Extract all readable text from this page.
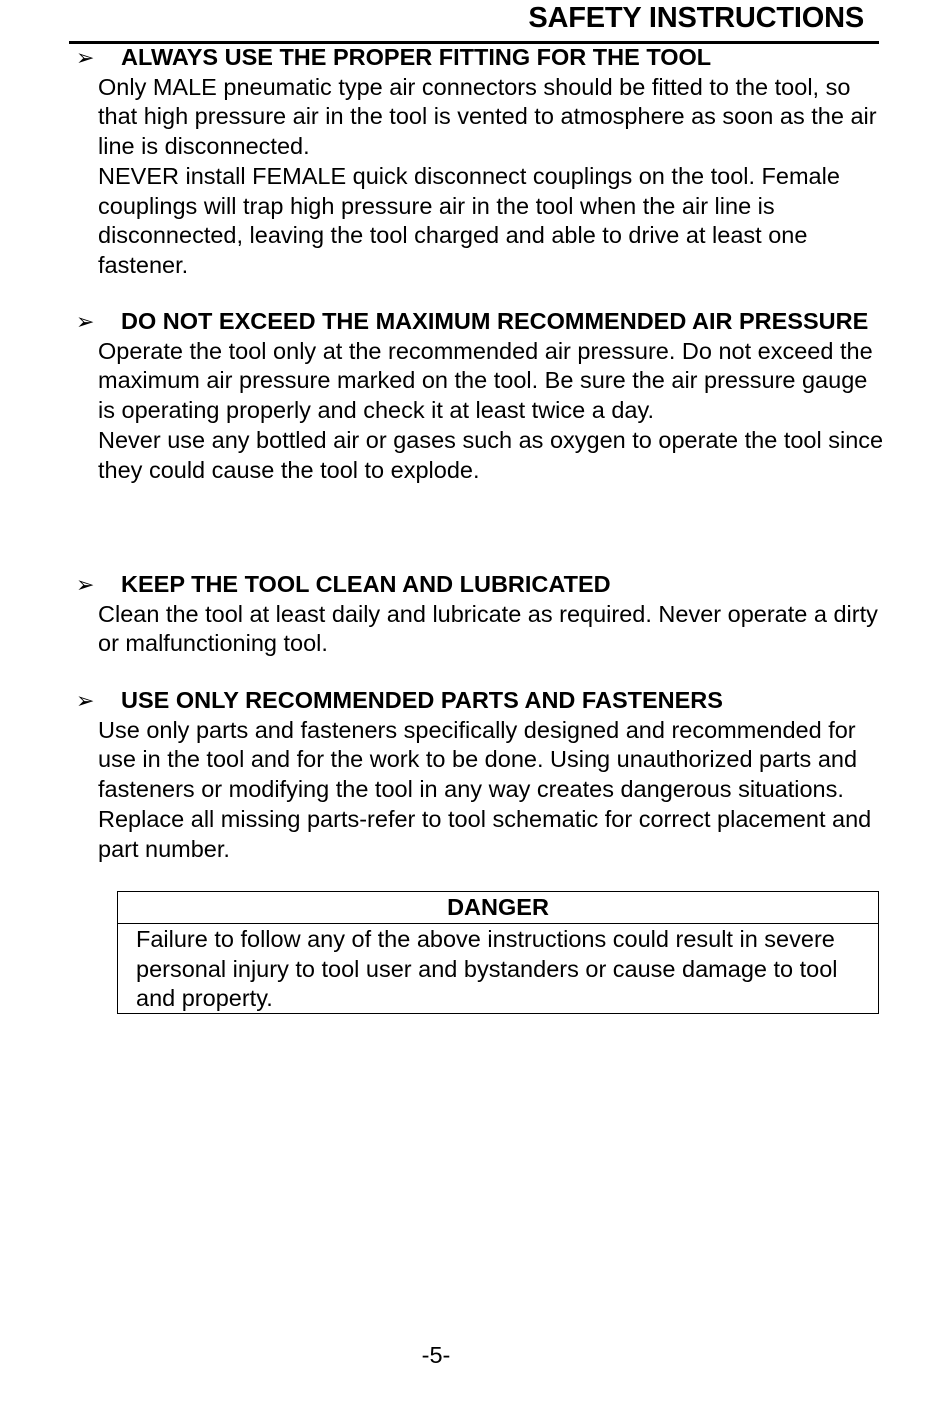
SAFETY INSTRUCTIONS
➢ ALWAYS USE THE PROPER FITTING FOR THE TOOL

Only MALE pneumatic type air connectors should be fitted to the tool, so that high pressure air in the tool is vented to atmosphere as soon as the air line is disconnected.

NEVER install FEMALE quick disconnect couplings on the tool. Female couplings will trap high pressure air in the tool when the air line is disconnected, leaving the tool charged and able to drive at least one fastener.

➢ DO NOT EXCEED THE MAXIMUM RECOMMENDED AIR PRESSURE

Operate the tool only at the recommended air pressure. Do not exceed the maximum air pressure marked on the tool. Be sure the air pressure gauge is operating properly and check it at least twice a day.

Never use any bottled air or gases such as oxygen to operate the tool since they could cause the tool to explode.

➢ KEEP THE TOOL CLEAN AND LUBRICATED

Clean the tool at least daily and lubricate as required. Never operate a dirty or malfunctioning tool.

➢ USE ONLY RECOMMENDED PARTS AND FASTENERS

Use only parts and fasteners specifically designed and recommended for use in the tool and for the work to be done. Using unauthorized parts and fasteners or modifying the tool in any way creates dangerous situations. Replace all missing parts-refer to tool schematic for correct placement and part number.

DANGER
Failure to follow any of the above instructions could result in severe personal injury to tool user and bystanders or cause damage to tool and property.
-5-
